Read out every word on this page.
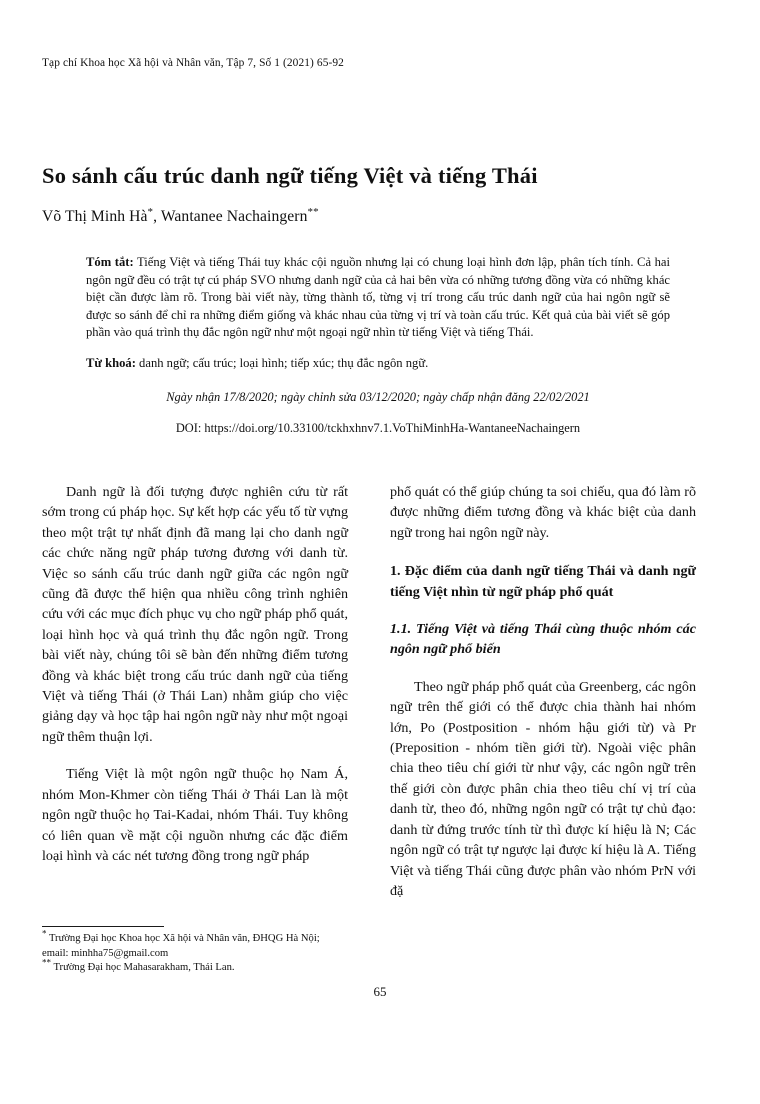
Tạp chí Khoa học Xã hội và Nhân văn, Tập 7, Số 1 (2021) 65-92
So sánh cấu trúc danh ngữ tiếng Việt và tiếng Thái
Võ Thị Minh Hà*, Wantanee Nachaingern**

Tóm tắt: Tiếng Việt và tiếng Thái tuy khác cội nguồn nhưng lại có chung loại hình đơn lập, phân tích tính. Cả hai ngôn ngữ đều có trật tự cú pháp SVO nhưng danh ngữ của cả hai bên vừa có những tương đồng vừa có những khác biệt cần được làm rõ. Trong bài viết này, từng thành tố, từng vị trí trong cấu trúc danh ngữ của hai ngôn ngữ sẽ được so sánh để chỉ ra những điểm giống và khác nhau của từng vị trí và toàn cấu trúc. Kết quả của bài viết sẽ góp phần vào quá trình thụ đắc ngôn ngữ như một ngoại ngữ nhìn từ tiếng Việt và tiếng Thái.

Từ khoá: danh ngữ; cấu trúc; loại hình; tiếp xúc; thụ đắc ngôn ngữ.

Ngày nhận 17/8/2020; ngày chỉnh sửa 03/12/2020; ngày chấp nhận đăng 22/02/2021

DOI: https://doi.org/10.33100/tckhxhnv7.1.VoThiMinhHa-WantaneeNachaingern

Danh ngữ là đối tượng được nghiên cứu từ rất sớm trong cú pháp học. Sự kết hợp các yếu tố từ vựng theo một trật tự nhất định đã mang lại cho danh ngữ các chức năng ngữ pháp tương đương với danh từ. Việc so sánh cấu trúc danh ngữ giữa các ngôn ngữ cũng đã được thể hiện qua nhiều công trình nghiên cứu với các mục đích phục vụ cho ngữ pháp phổ quát, loại hình học và quá trình thụ đắc ngôn ngữ. Trong bài viết này, chúng tôi sẽ bàn đến những điểm tương đồng và khác biệt trong cấu trúc danh ngữ của tiếng Việt và tiếng Thái (ở Thái Lan) nhằm giúp cho việc giảng dạy và học tập hai ngôn ngữ này như một ngoại ngữ thêm thuận lợi.

Tiếng Việt là một ngôn ngữ thuộc họ Nam Á, nhóm Mon-Khmer còn tiếng Thái ở Thái Lan là một ngôn ngữ thuộc họ Tai-Kadai, nhóm Thái. Tuy không có liên quan về mặt cội nguồn nhưng các đặc điểm loại hình và các nét tương đồng trong ngữ pháp

phổ quát có thể giúp chúng ta soi chiếu, qua đó làm rõ được những điểm tương đồng và khác biệt của danh ngữ trong hai ngôn ngữ này.

1. Đặc điểm của danh ngữ tiếng Thái và danh ngữ tiếng Việt nhìn từ ngữ pháp phổ quát
1.1. Tiếng Việt và tiếng Thái cùng thuộc nhóm các ngôn ngữ phổ biến

Theo ngữ pháp phổ quát của Greenberg, các ngôn ngữ trên thế giới có thể được chia thành hai nhóm lớn, Po (Postposition - nhóm hậu giới từ) và Pr (Preposition - nhóm tiền giới từ). Ngoài việc phân chia theo tiêu chí giới từ như vậy, các ngôn ngữ trên thế giới còn được phân chia theo tiêu chí vị trí của danh từ, theo đó, những ngôn ngữ có trật tự chủ đạo: danh từ đứng trước tính từ thì được kí hiệu là N; Các ngôn ngữ có trật tự ngược lại được kí hiệu là A. Tiếng Việt và tiếng Thái cũng được phân vào nhóm PrN với đặ

* Trường Đại học Khoa học Xã hội và Nhân văn, ĐHQG Hà Nội; email: minhha75@gmail.com

** Trường Đại học Mahasarakham, Thái Lan.

65
